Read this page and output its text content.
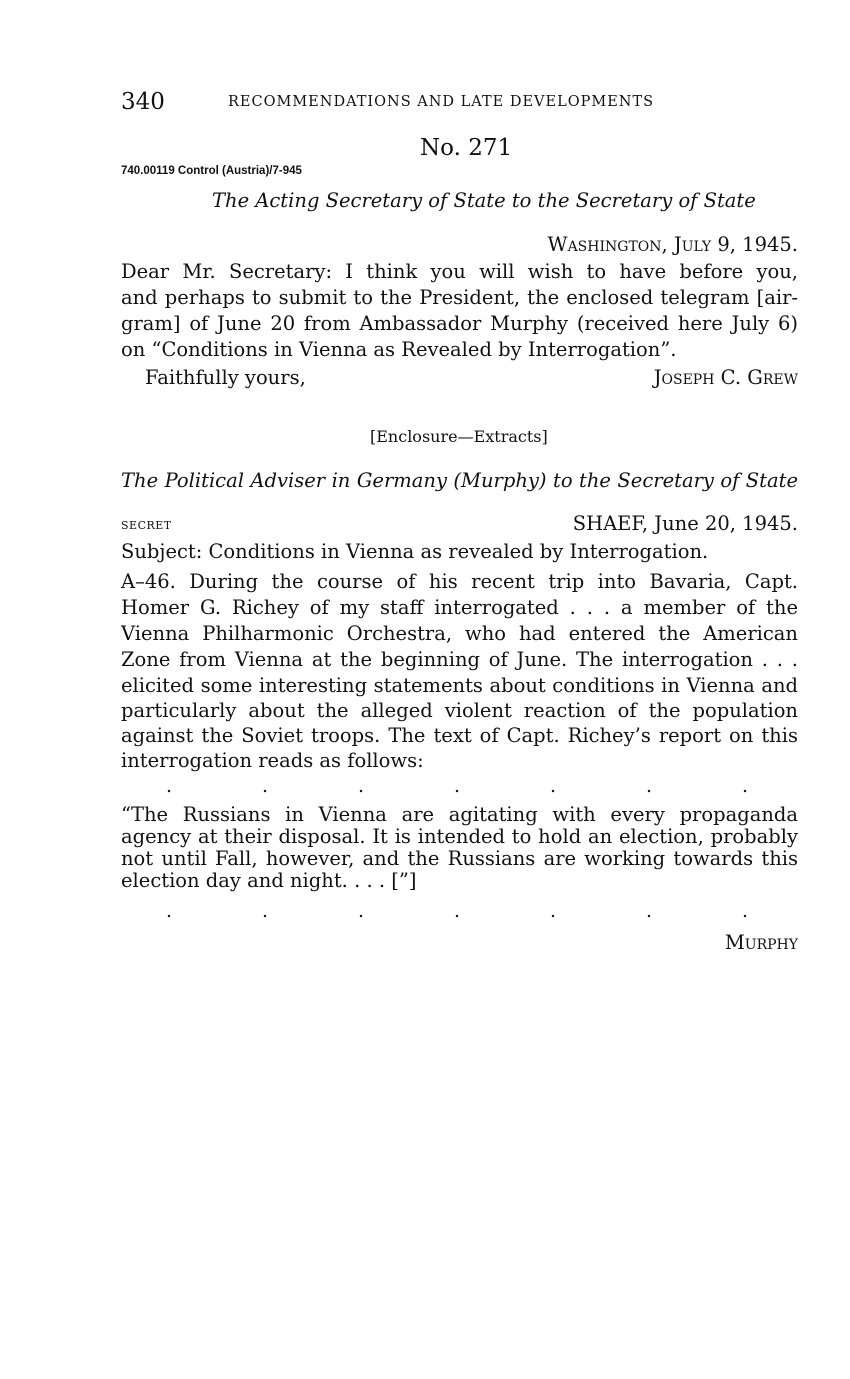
340	RECOMMENDATIONS AND LATE DEVELOPMENTS
No. 271
740.00119 Control (Austria)/7-945
The Acting Secretary of State to the Secretary of State
Washington, July 9, 1945.
Dear Mr. Secretary: I think you will wish to have before you,
and perhaps to submit to the President, the enclosed telegram [air-
gram] of June 20 from Ambassador Murphy (received here July 6)
on “Conditions in Vienna as Revealed by Interrogation”.
Faithfully yours,	Joseph C. Grew
[Enclosure—Extracts]
The Political Adviser in Germany (Murphy) to the Secretary of State
secret	SHAEF, June 20, 1945.
Subject: Conditions in Vienna as revealed by Interrogation.
A–46. During the course of his recent trip into Bavaria, Capt.
Homer G. Richey of my staff interrogated . . . a member of the
Vienna Philharmonic Orchestra, who had entered the American
Zone from Vienna at the beginning of June. The interrogation . . .
elicited some interesting statements about conditions in Vienna and
particularly about the alleged violent reaction of the population
against the Soviet troops. The text of Capt. Richey’s report on this
interrogation reads as follows:
.	.	.	.	.	.	.
“The Russians in Vienna are agitating with every propaganda
agency at their disposal. It is intended to hold an election, probably
not until Fall, however, and the Russians are working towards this
election day and night. . . . [”]
.	.	.	.	.	.	.
Murphy
